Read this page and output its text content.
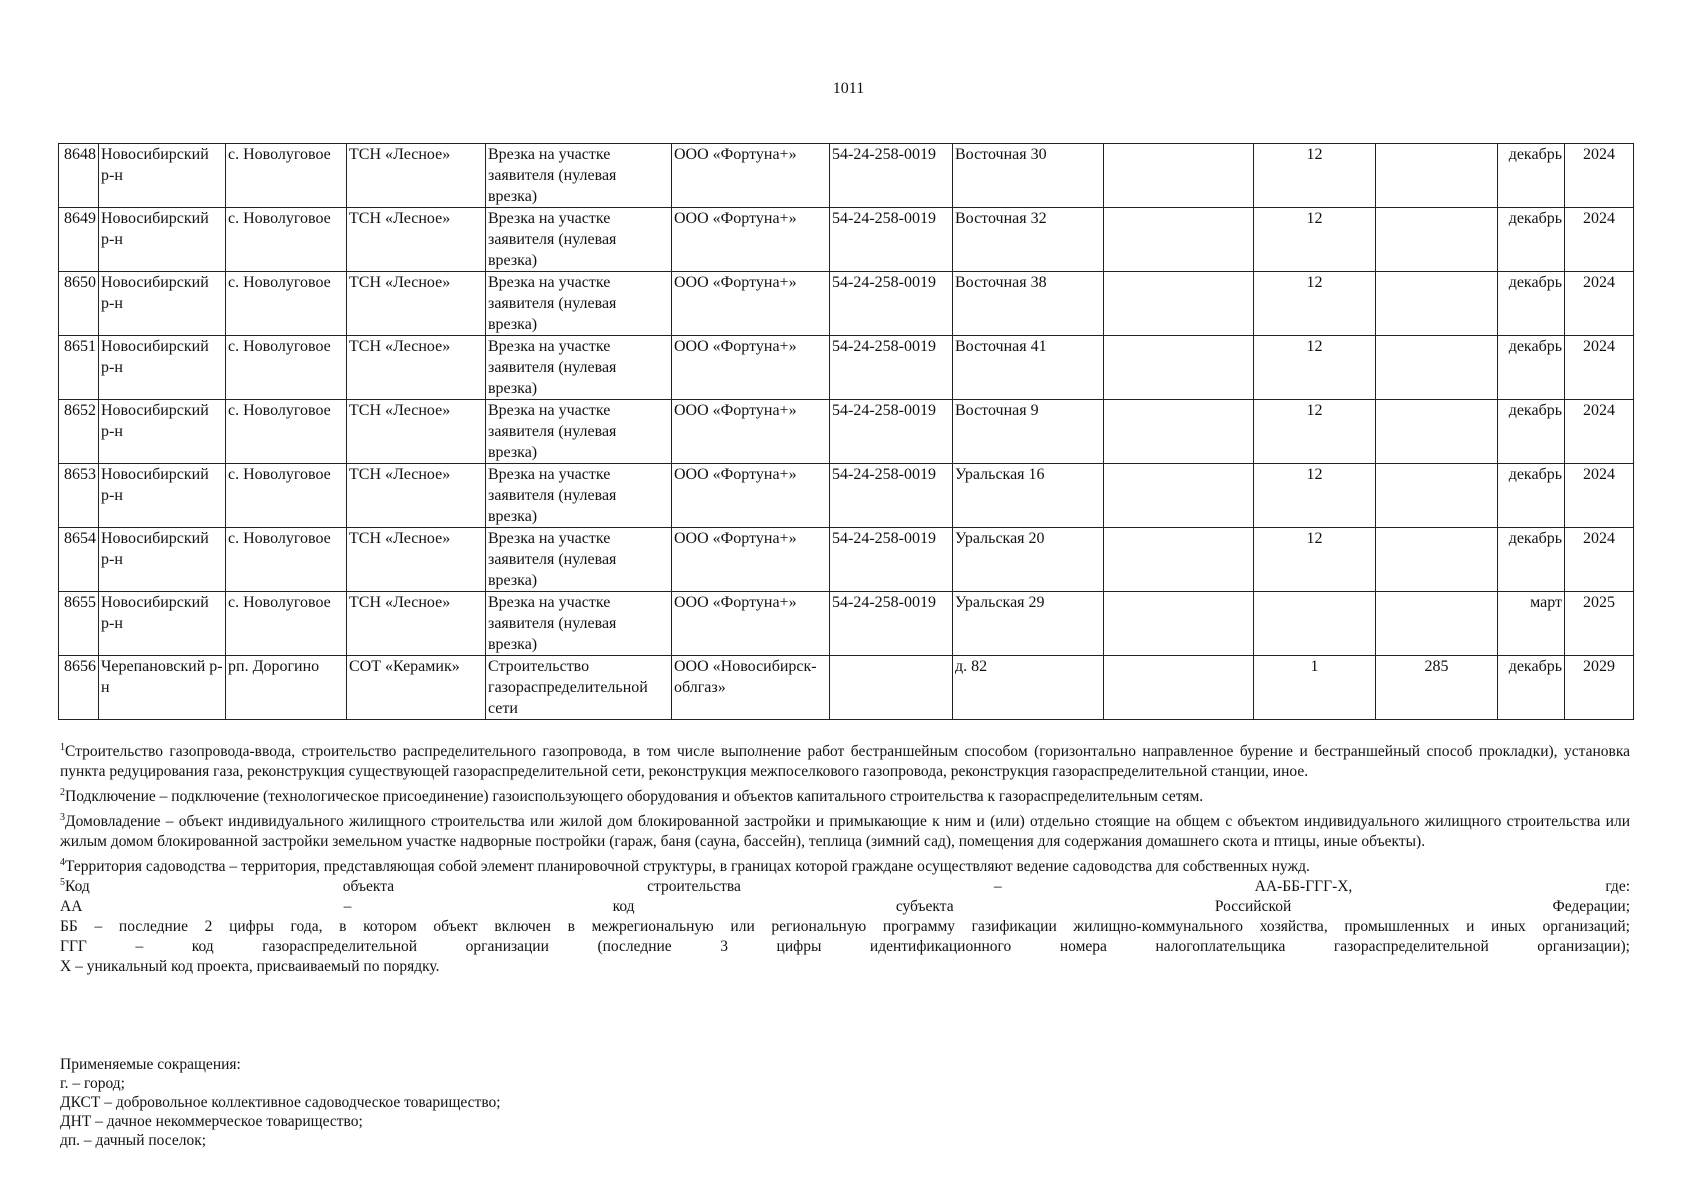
1011
8648	Новосибирский р-н	с. Новолуговое	ТСН «Лесное»	Врезка на участке заявителя (нулевая врезка)	ООО «Фортуна+»	54-24-258-0019	Восточная 30		12		декабрь	2024
8649	Новосибирский р-н	с. Новолуговое	ТСН «Лесное»	Врезка на участке заявителя (нулевая врезка)	ООО «Фортуна+»	54-24-258-0019	Восточная 32		12		декабрь	2024
8650	Новосибирский р-н	с. Новолуговое	ТСН «Лесное»	Врезка на участке заявителя (нулевая врезка)	ООО «Фортуна+»	54-24-258-0019	Восточная 38		12		декабрь	2024
8651	Новосибирский р-н	с. Новолуговое	ТСН «Лесное»	Врезка на участке заявителя (нулевая врезка)	ООО «Фортуна+»	54-24-258-0019	Восточная 41		12		декабрь	2024
8652	Новосибирский р-н	с. Новолуговое	ТСН «Лесное»	Врезка на участке заявителя (нулевая врезка)	ООО «Фортуна+»	54-24-258-0019	Восточная 9		12		декабрь	2024
8653	Новосибирский р-н	с. Новолуговое	ТСН «Лесное»	Врезка на участке заявителя (нулевая врезка)	ООО «Фортуна+»	54-24-258-0019	Уральская 16		12		декабрь	2024
8654	Новосибирский р-н	с. Новолуговое	ТСН «Лесное»	Врезка на участке заявителя (нулевая врезка)	ООО «Фортуна+»	54-24-258-0019	Уральская 20		12		декабрь	2024
8655	Новосибирский р-н	с. Новолуговое	ТСН «Лесное»	Врезка на участке заявителя (нулевая врезка)	ООО «Фортуна+»	54-24-258-0019	Уральская 29				март	2025
8656	Черепановский р-н	рп. Дорогино	СОТ «Керамик»	Строительство газораспределительной сети	ООО «Новосибирск-облгаз»		д. 82		1	285	декабрь	2029

$^1$Строительство газопровода-ввода, строительство распределительного газопровода, в том числе выполнение работ бестраншейным способом (горизонтально направленное бурение и бестраншейный способ прокладки), установка пункта редуцирования газа, реконструкция существующей газораспределительной сети, реконструкция межпоселкового газопровода, реконструкция газораспределительной станции, иное.

$^2$Подключение – подключение (технологическое присоединение) газоиспользующего оборудования и объектов капитального строительства к газораспределительным сетям.

$^3$Домовладение – объект индивидуального жилищного строительства или жилой дом блокированной застройки и примыкающие к ним и (или) отдельно стоящие на общем с объектом индивидуального жилищного строительства или жилым домом блокированной застройки земельном участке надворные постройки (гараж, баня (сауна, бассейн), теплица (зимний сад), помещения для содержания домашнего скота и птицы, иные объекты).

$^4$Территория садоводства – территория, представляющая собой элемент планировочной структуры, в границах которой граждане осуществляют ведение садоводства для собственных нужд.

$^5$Код объекта строительства – АА-ББ-ГГГ-Х, где:
АА – код субъекта Российской Федерации;
ББ – последние 2 цифры года, в котором объект включен в межрегиональную или региональную программу газификации жилищно-коммунального хозяйства, промышленных и иных организаций;
ГГГ – код газораспределительной организации (последние 3 цифры идентификационного номера налогоплательщика газораспределительной организации);
Х – уникальный код проекта, присваиваемый по порядку.
Применяемые сокращения:
г. – город;
ДКСТ – добровольное коллективное садоводческое товарищество;
ДНТ – дачное некоммерческое товарищество;
дп. – дачный поселок;
